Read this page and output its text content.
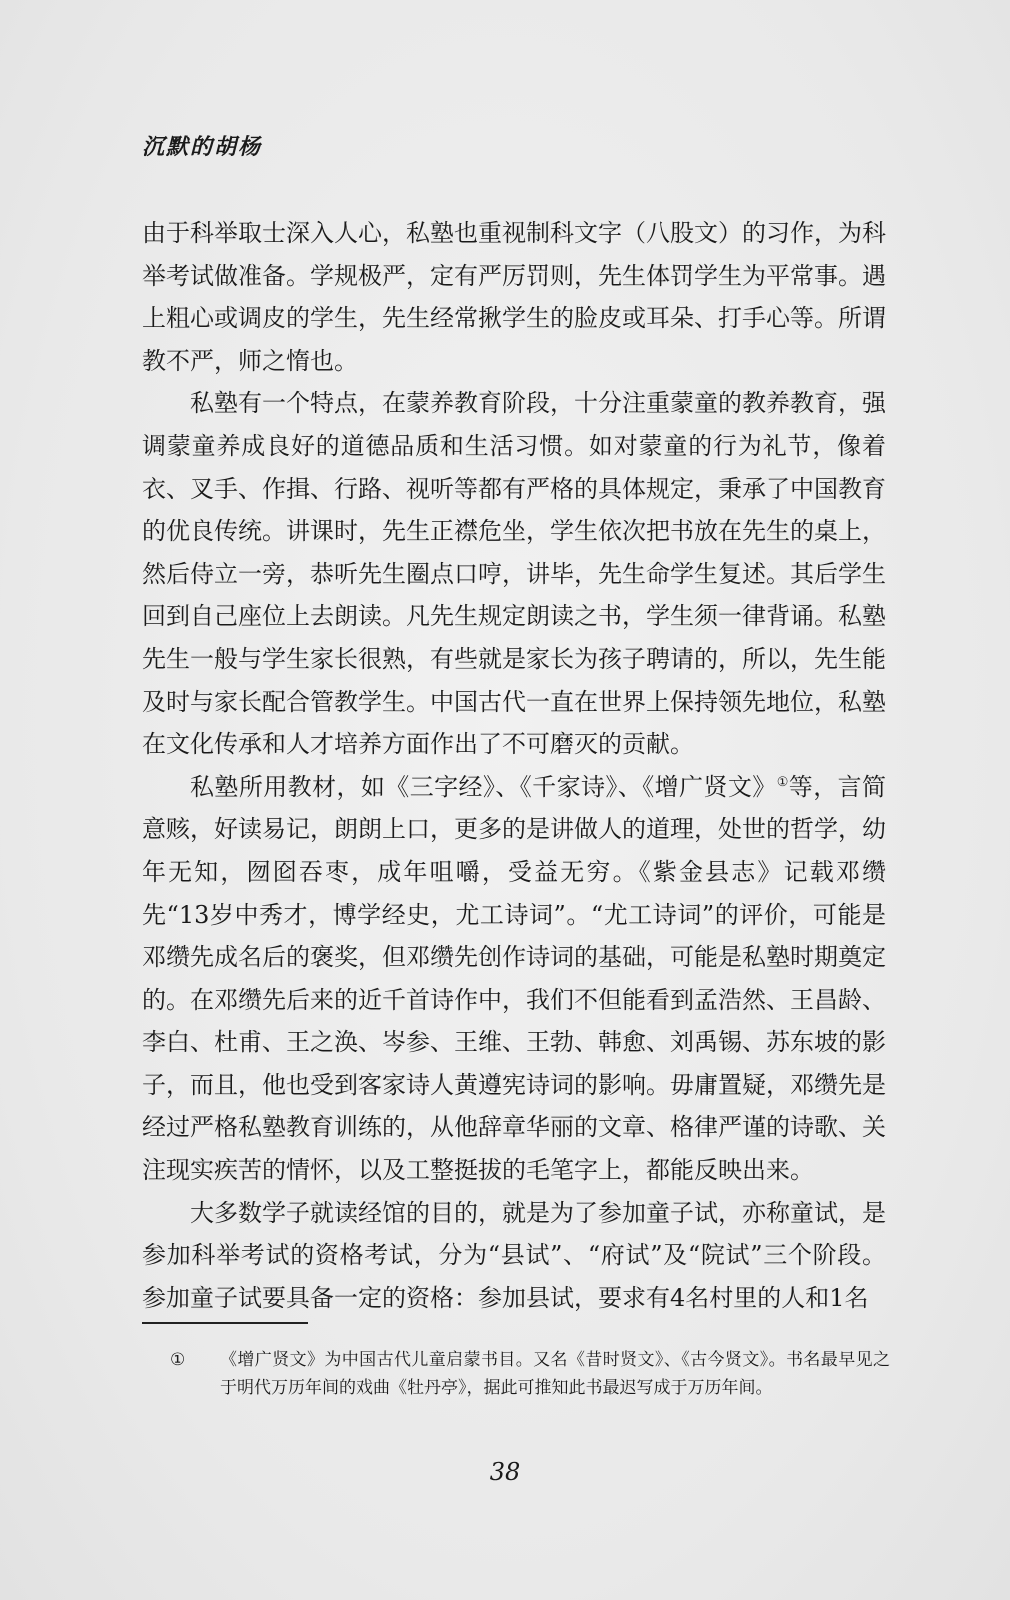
沉默的胡杨

由于科举取士深入人心，私塾也重视制科文字（八股文）的习作，为科举考试做准备。学规极严，定有严厉罚则，先生体罚学生为平常事。遇上粗心或调皮的学生，先生经常揪学生的脸皮或耳朵、打手心等。所谓教不严，师之惰也。

私塾有一个特点，在蒙养教育阶段，十分注重蒙童的教养教育，强调蒙童养成良好的道德品质和生活习惯。如对蒙童的行为礼节，像着衣、叉手、作揖、行路、视听等都有严格的具体规定，秉承了中国教育的优良传统。讲课时，先生正襟危坐，学生依次把书放在先生的桌上，然后侍立一旁，恭听先生圈点口哼，讲毕，先生命学生复述。其后学生回到自己座位上去朗读。凡先生规定朗读之书，学生须一律背诵。私塾先生一般与学生家长很熟，有些就是家长为孩子聘请的，所以，先生能及时与家长配合管教学生。中国古代一直在世界上保持领先地位，私塾在文化传承和人才培养方面作出了不可磨灭的贡献。

私塾所用教材，如《三字经》、《千家诗》、《增广贤文》①等，言简意赅，好读易记，朗朗上口，更多的是讲做人的道理，处世的哲学，幼年无知，囫囵吞枣，成年咀嚼，受益无穷。《紫金县志》记载邓缵先“13岁中秀才，博学经史，尤工诗词”。“尤工诗词”的评价，可能是邓缵先成名后的褒奖，但邓缵先创作诗词的基础，可能是私塾时期奠定的。在邓缵先后来的近千首诗作中，我们不但能看到孟浩然、王昌龄、李白、杜甫、王之涣、岑参、王维、王勃、韩愈、刘禹锡、苏东坡的影子，而且，他也受到客家诗人黄遵宪诗词的影响。毋庸置疑，邓缵先是经过严格私塾教育训练的，从他辞章华丽的文章、格律严谨的诗歌、关注现实疾苦的情怀，以及工整挺拔的毛笔字上，都能反映出来。

大多数学子就读经馆的目的，就是为了参加童子试，亦称童试，是参加科举考试的资格考试，分为“县试”、“府试”及“院试”三个阶段。参加童子试要具备一定的资格：参加县试，要求有4名村里的人和1名

①	《增广贤文》为中国古代儿童启蒙书目。又名《昔时贤文》、《古今贤文》。书名最早见之于明代万历年间的戏曲《牡丹亭》，据此可推知此书最迟写成于万历年间。
38
